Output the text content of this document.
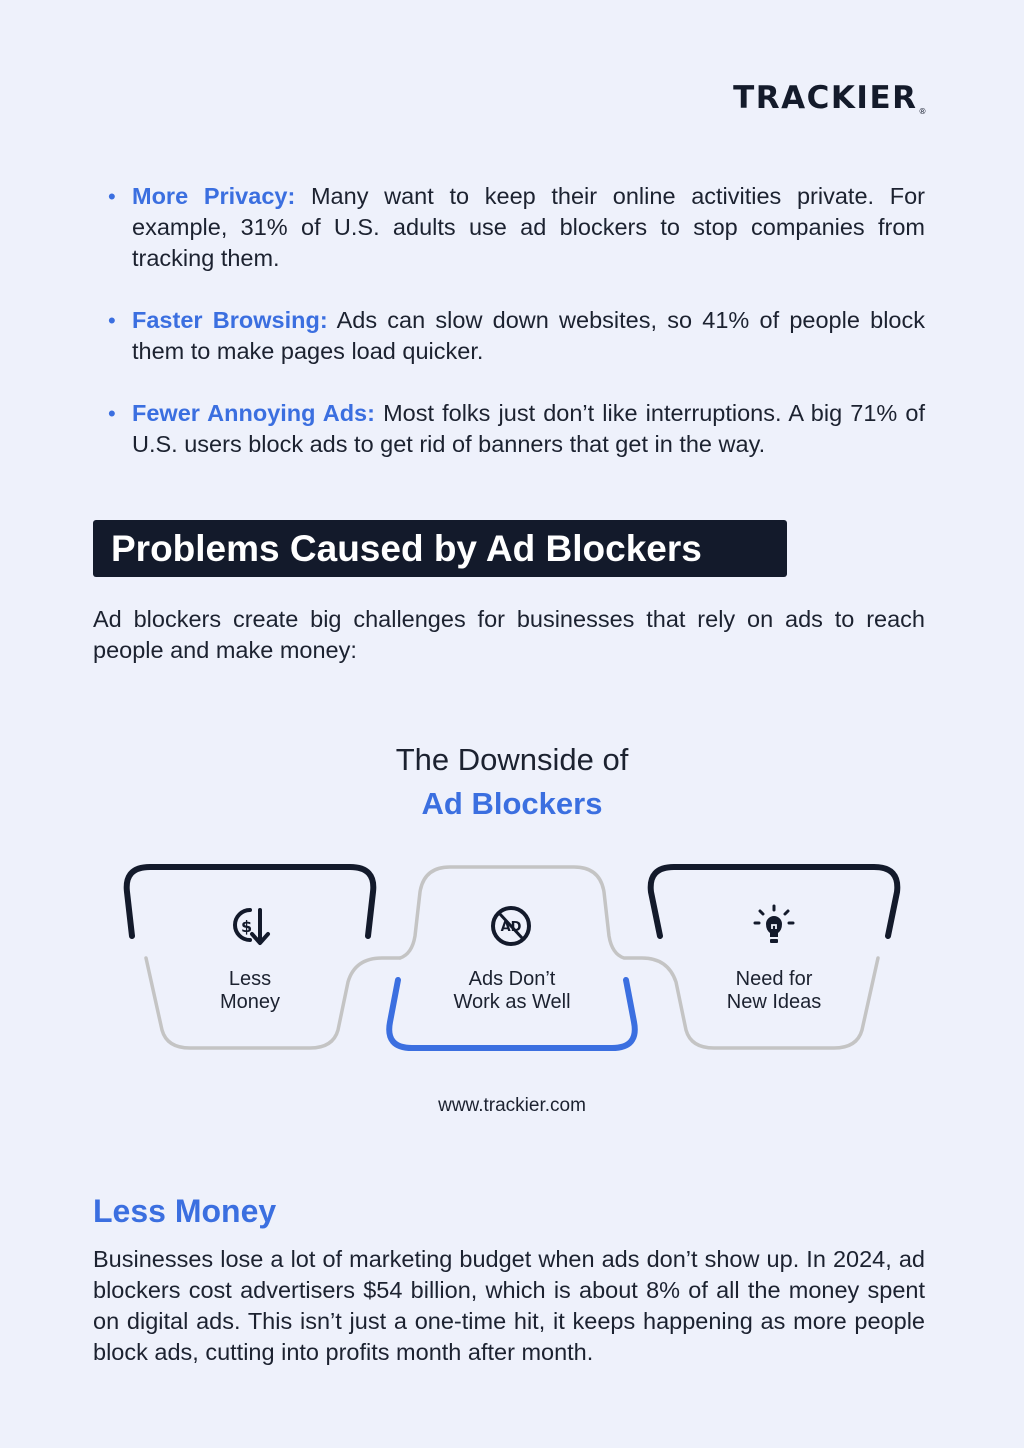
TRACKIER®
• More Privacy: Many want to keep their online activities private. For example, 31% of U.S. adults use ad blockers to stop companies from tracking them.
• Faster Browsing: Ads can slow down websites, so 41% of people block them to make pages load quicker.
• Fewer Annoying Ads: Most folks just don’t like interruptions. A big 71% of U.S. users block ads to get rid of banners that get in the way.
Problems Caused by Ad Blockers
Ad blockers create big challenges for businesses that rely on ads to reach people and make money:
The Downside of
Ad Blockers
$	AD
Less
Money
Ads Don’t
Work as Well
Need for
New Ideas
www.trackier.com
Less Money
Businesses lose a lot of marketing budget when ads don’t show up. In 2024, ad blockers cost advertisers $54 billion, which is about 8% of all the money spent on digital ads. This isn’t just a one-time hit, it keeps happening as more people block ads, cutting into profits month after month.
